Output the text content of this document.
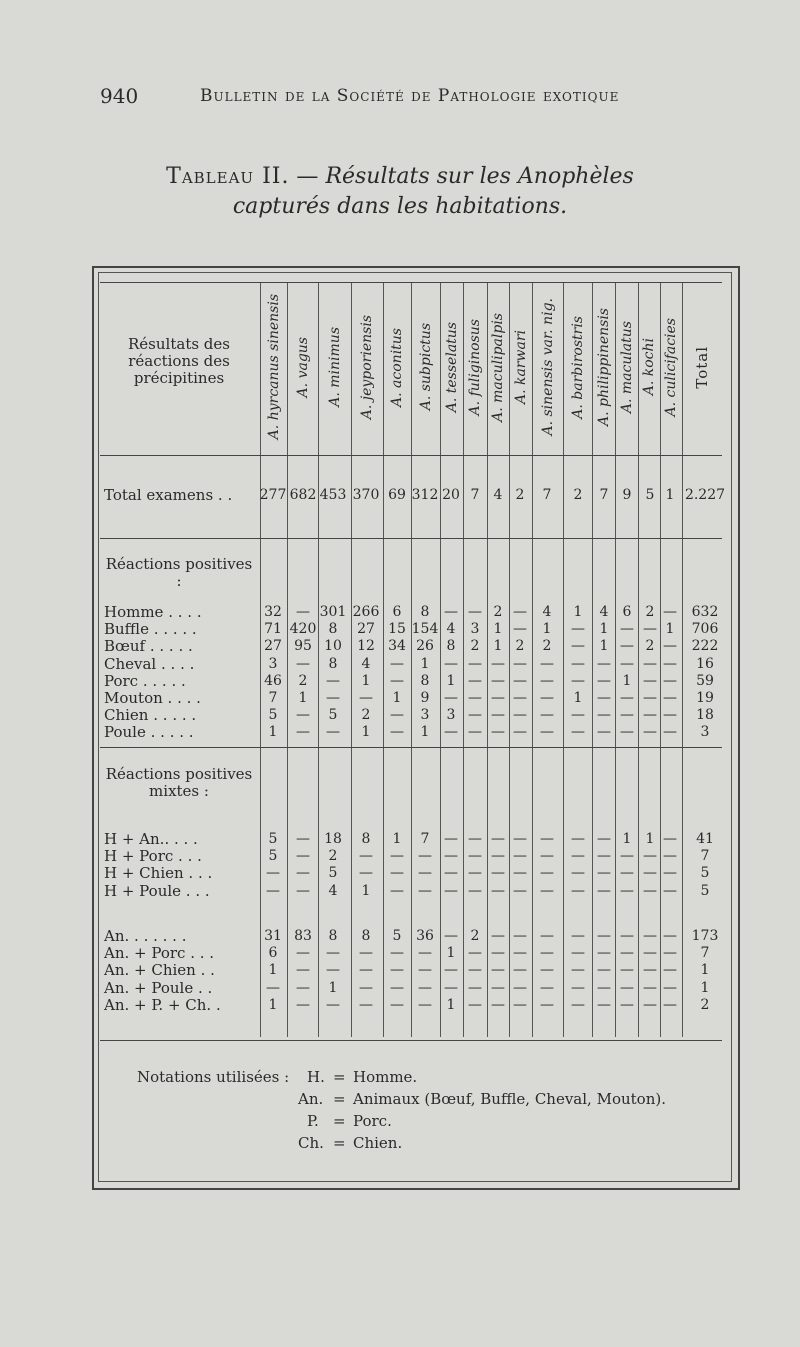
940	Bulletin de la Société de Pathologie exotique
Tableau II. — Résultats sur les Anophèles
capturés dans les habitations.
Résultats des réactions des précipitines	A. hyrcanus sinensis A. vagus A. minimus A. jeyporiensis A. aconitus A. subpictus A. tesselatus A. fuliginosus A. maculipalpis A. karwari A. sinensis var. nig. A. barbirostris A. philippinensis A. maculatus A. kochi A. culicifacies Total
Total examens . . 277 682 453 370 69 312 20 7 4 2 7 2 7 9 5 1 2.227
Homme . . . .	32 — 301 266 6 8 — — 2 — 4 1 4 6 2 — 632
Buffle . . . . .	71 420 8 27 15 154 4 3 1 — 1 — 1 — — 1 706
Bœuf . . . . .	27 95 10 12 34 26 8 2 1 2 2 — 1 — 2 — 222
Cheval . . . .	3 — 8 4 — 1 — — — — — — — — — — 16
Porc . . . . .	46 2 — 1 — 8 1 — — — — — — 1 — — 59
Mouton . . . .	7 1 — — 1 9 — — — — — 1 — — — — 19
Chien . . . . .	5 — 5 2 — 3 3 — — — — — — — — — 18
Poule . . . . .	1 — — 1 — 1 — — — — — — — — — — 3
H + An.. . . .	5 — 18 8 1 7 — — — — — — — 1 1 — 41
H + Porc . . .	5 — 2 — — — — — — — — — — — — — 7
H + Chien . . .	— — 5 — — — — — — — — — — — — — 5
H + Poule . . .	— — 4 1 — — — — — — — — — — — — 5
An. . . . . . .	31 83 8 8 5 36 — 2 — — — — — — — — 173
An. + Porc . . .	6 — — — — — 1 — — — — — — — — — 7
An. + Chien . .	1 — — — — — — — — — — — — — — — 1
An. + Poule . .	— — 1 — — — — — — — — — — — — — 1
An. + P. + Ch. .	1 — — — — — 1 — — — — — — — — — 2
Réactions positives :
Réactions positives mixtes :
Notations utilisées : H. = Homme.
An. = Animaux (Bœuf, Buffle, Cheval, Mouton).
P. = Porc.
Ch. = Chien.
